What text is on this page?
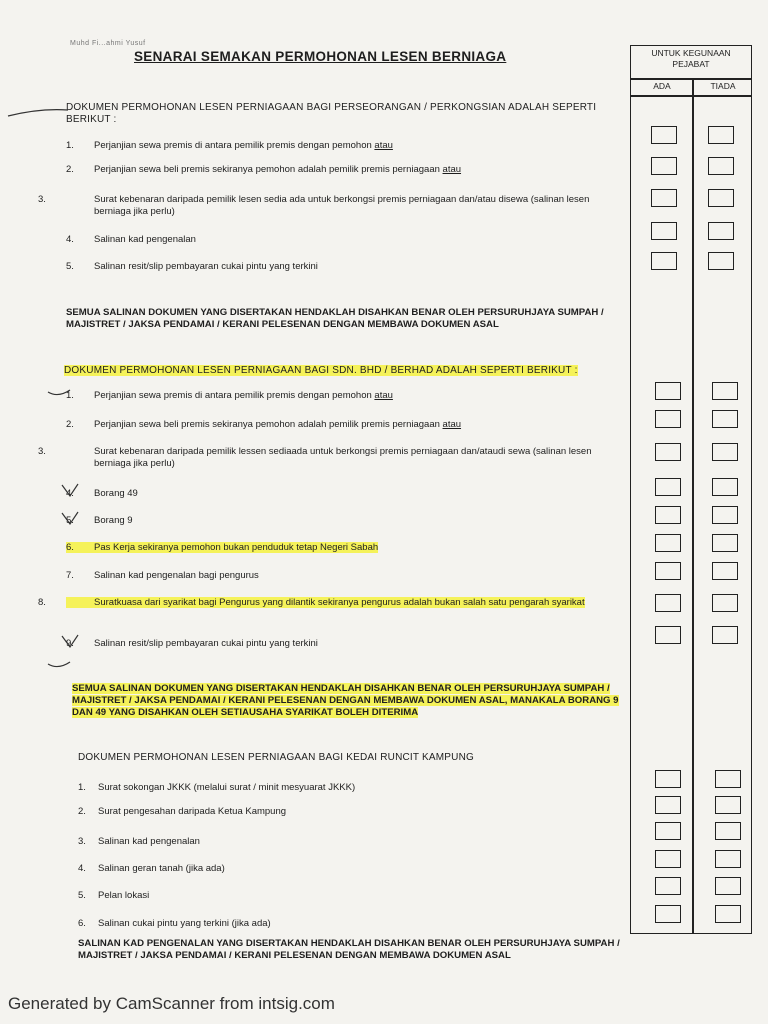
Muhd Fi...ahmi Yusuf
SENARAI SEMAKAN PERMOHONAN LESEN BERNIAGA	UNTUK KEGUNAAN PEJABAT
ADA	TIADA
DOKUMEN PERMOHONAN LESEN PERNIAGAAN BAGI PERSEORANGAN / PERKONGSIAN ADALAH SEPERTI BERIKUT :
1. Perjanjian sewa premis di antara pemilik premis dengan pemohon atau
2. Perjanjian sewa beli premis sekiranya pemohon adalah pemilik premis perniagaan atau
3.	Surat kebenaran daripada pemilik lesen sedia ada untuk berkongsi premis perniagaan dan/atau disewa (salinan lesen berniaga jika perlu)
4. Salinan kad pengenalan
5. Salinan resit/slip pembayaran cukai pintu yang terkini
SEMUA SALINAN DOKUMEN YANG DISERTAKAN HENDAKLAH DISAHKAN BENAR OLEH PERSURUHJAYA SUMPAH / MAJISTRET / JAKSA PENDAMAI / KERANI PELESENAN DENGAN MEMBAWA DOKUMEN ASAL
DOKUMEN PERMOHONAN LESEN PERNIAGAAN BAGI SDN. BHD / BERHAD ADALAH SEPERTI BERIKUT :
1. Perjanjian sewa premis di antara pemilik premis dengan pemohon atau
2. Perjanjian sewa beli premis sekiranya pemohon adalah pemilik premis perniagaan atau
3.	Surat kebenaran daripada pemilik lessen sediaada untuk berkongsi premis perniagaan dan/ataudi sewa (salinan lesen berniaga jika perlu)
4. Borang 49
5. Borang 9
6. Pas Kerja sekiranya pemohon bukan penduduk tetap Negeri Sabah
7. Salinan kad pengenalan bagi pengurus
8.	Suratkuasa dari syarikat bagi Pengurus yang dilantik sekiranya pengurus adalah bukan salah satu pengarah syarikat
9. Salinan resit/slip pembayaran cukai pintu yang terkini
SEMUA SALINAN DOKUMEN YANG DISERTAKAN HENDAKLAH DISAHKAN BENAR OLEH PERSURUHJAYA SUMPAH / MAJISTRET / JAKSA PENDAMAI / KERANI PELESENAN DENGAN MEMBAWA DOKUMEN ASAL, MANAKALA BORANG 9 DAN 49 YANG DISAHKAN OLEH SETIAUSAHA SYARIKAT BOLEH DITERIMA
DOKUMEN PERMOHONAN LESEN PERNIAGAAN BAGI KEDAI RUNCIT KAMPUNG
1. Surat sokongan JKKK (melalui surat / minit mesyuarat JKKK)
2. Surat pengesahan daripada Ketua Kampung
3. Salinan kad pengenalan
4. Salinan geran tanah (jika ada)
5. Pelan lokasi
6. Salinan cukai pintu yang terkini (jika ada)
SALINAN KAD PENGENALAN YANG DISERTAKAN HENDAKLAH DISAHKAN BENAR OLEH PERSURUHJAYA SUMPAH / MAJISTRET / JAKSA PENDAMAI / KERANI PELESENAN DENGAN MEMBAWA DOKUMEN ASAL
Generated by CamScanner from intsig.com
